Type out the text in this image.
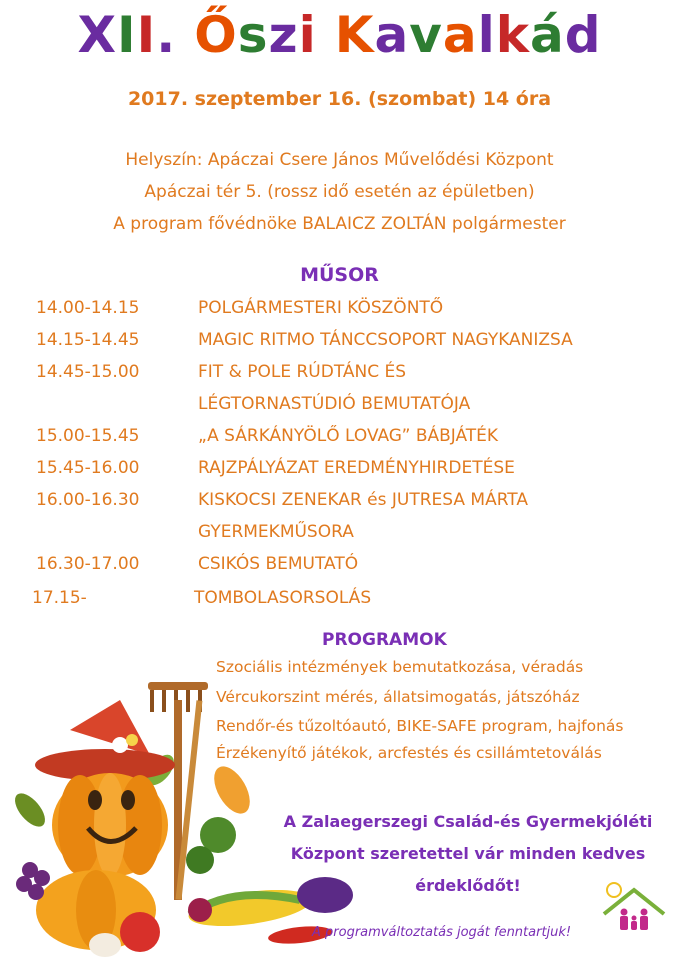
XII. Őszi Kavalkád
2017. szeptember 16. (szombat) 14 óra
Helyszín: Apáczai Csere János Művelődési Központ
Apáczai tér 5. (rossz idő esetén az épületben)
A program fővédnöke BALAICZ ZOLTÁN polgármester
MŰSOR
14.00-14.15	POLGÁRMESTERI KÖSZÖNTŐ
14.15-14.45	MAGIC RITMO TÁNCCSOPORT NAGYKANIZSA
14.45-15.00	FIT & POLE RÚDTÁNC ÉS
LÉGTORNASTÚDIÓ BEMUTATÓJA
15.00-15.45	„A SÁRKÁNYÖLŐ LOVAG” BÁBJÁTÉK
15.45-16.00	RAJZPÁLYÁZAT EREDMÉNYHIRDETÉSE
16.00-16.30	KISKOCSI ZENEKAR és JUTRESA MÁRTA
GYERMEKMŰSORA
16.30-17.00	CSIKÓS BEMUTATÓ
17.15-	TOMBOLASORSOLÁS
PROGRAMOK
Szociális intézmények bemutatkozása, véradás
Vércukorszint mérés, állatsimogatás, játszóház
Rendőr-és tűzoltóautó, BIKE-SAFE program, hajfonás
Érzékenyítő játékok, arcfestés és csillámtetoválás
A Zalaegerszegi Család-és Gyermekjóléti
Központ szeretettel vár minden kedves
érdeklődőt!
A programváltoztatás jogát fenntartjuk!
